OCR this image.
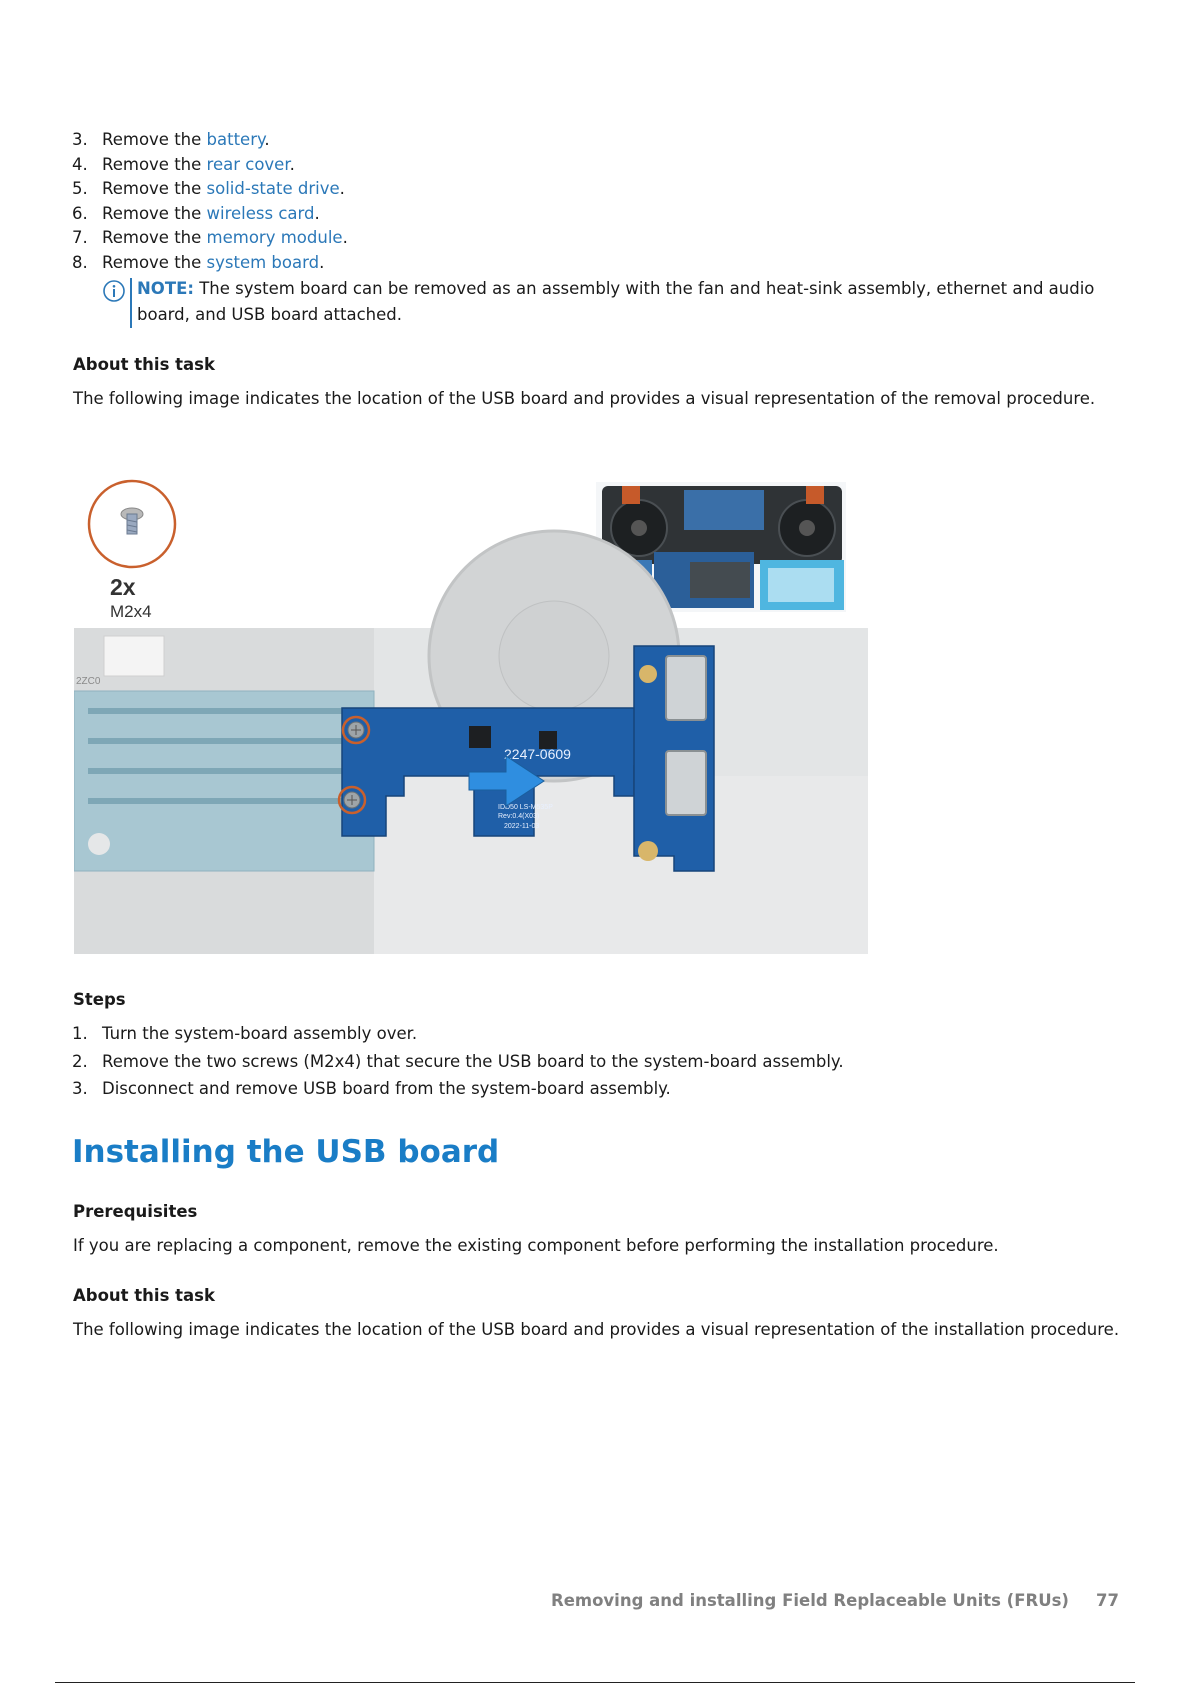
3. Remove the battery.
4. Remove the rear cover.
5. Remove the solid-state drive.
6. Remove the wireless card.
7. Remove the memory module.
8. Remove the system board.
NOTE: The system board can be removed as an assembly with the fan and heat-sink assembly, ethernet and audio board, and USB board attached.
About this task
The following image indicates the location of the USB board and provides a visual representation of the removal procedure.
2x
M2x4
2ZC0
2247-0609
IDD50 LS-M535P
Rev:0.4(X03)
2022-11-03
Steps
1. Turn the system-board assembly over.
2. Remove the two screws (M2x4) that secure the USB board to the system-board assembly.
3. Disconnect and remove USB board from the system-board assembly.
Installing the USB board
Prerequisites
If you are replacing a component, remove the existing component before performing the installation procedure.
About this task
The following image indicates the location of the USB board and provides a visual representation of the installation procedure.
Removing and installing Field Replaceable Units (FRUs) 77
